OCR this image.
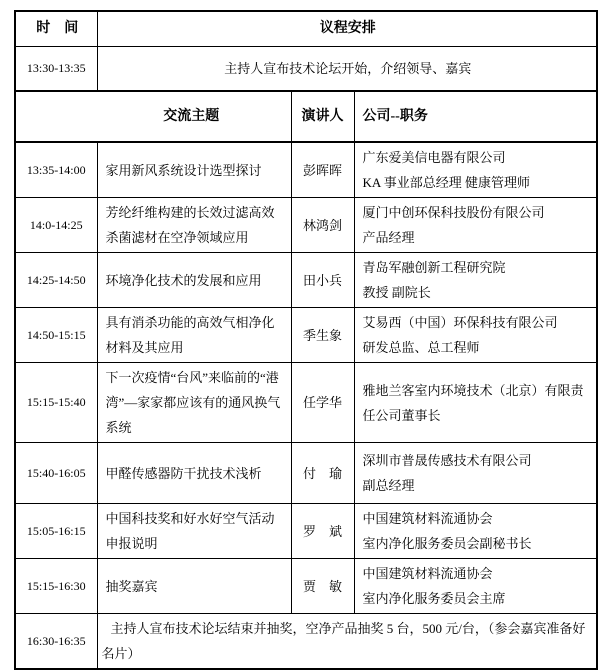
时　间	议程安排		
13:30-13:35	主持人宣布技术论坛开始，介绍领导、嘉宾		
交流主题		演讲人	公司--职务
13:35-14:00	家用新风系统设计选型探讨	彭晖晖	广东爱美信电器有限公司
KA 事业部总经理 健康管理师

14:0-14:25	芳纶纤维构建的长效过滤高效杀菌滤材在空净领域应用	林鸿剑	厦门中创环保科技股份有限公司
产品经理

14:25-14:50	环境净化技术的发展和应用	田小兵	青岛军融创新工程研究院
教授 副院长

14:50-15:15	具有消杀功能的高效气相净化材料及其应用	季生象	艾易西（中国）环保科技有限公司
研发总监、总工程师

15:15-15:40	下一次疫情“台风”来临前的“港湾”—家家都应该有的通风换气系统	任学华	雅地兰客室内环境技术（北京）有限责任公司董事长

15:40-16:05	甲醛传感器防干扰技术浅析	付　瑜	深圳市普晟传感技术有限公司
副总经理

15:05-16:15	中国科技奖和好水好空气活动申报说明	罗　斌	中国建筑材料流通协会
室内净化服务委员会副秘书长

15:15-16:30	抽奖嘉宾	贾　敏	中国建筑材料流通协会
室内净化服务委员会主席

16:30-16:35	主持人宣布技术论坛结束并抽奖，空净产品抽奖 5 台，500 元/台，（参会嘉宾准备好名片）		
